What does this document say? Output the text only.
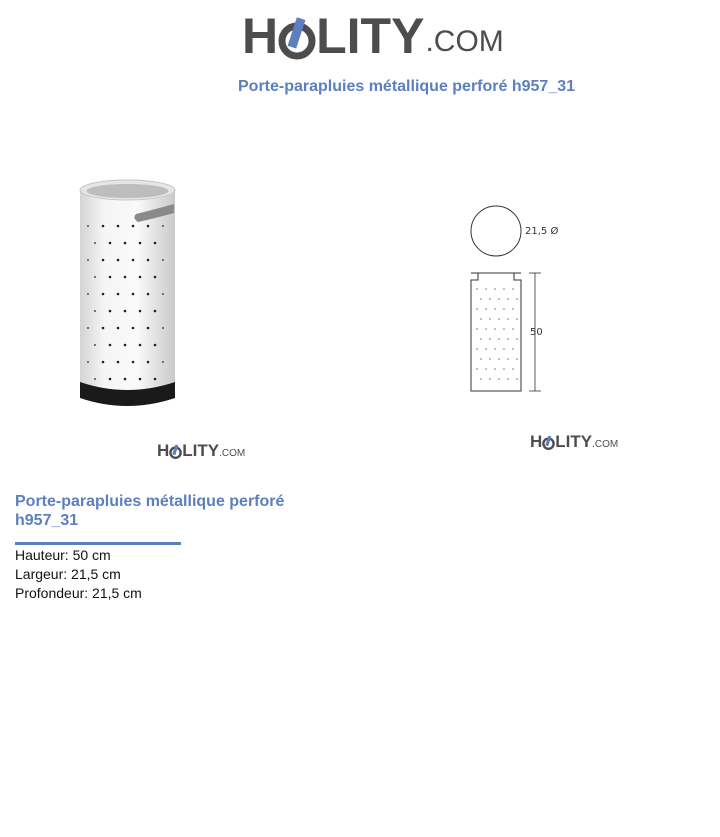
H LITY .COM
Porte-parapluies métallique perforé h957_31
21,5 Ø
50
H LITY .COM
H LITY .COM
Porte-parapluies métallique perforé h957_31
Hauteur: 50 cm
Largeur: 21,5 cm
Profondeur: 21,5 cm
